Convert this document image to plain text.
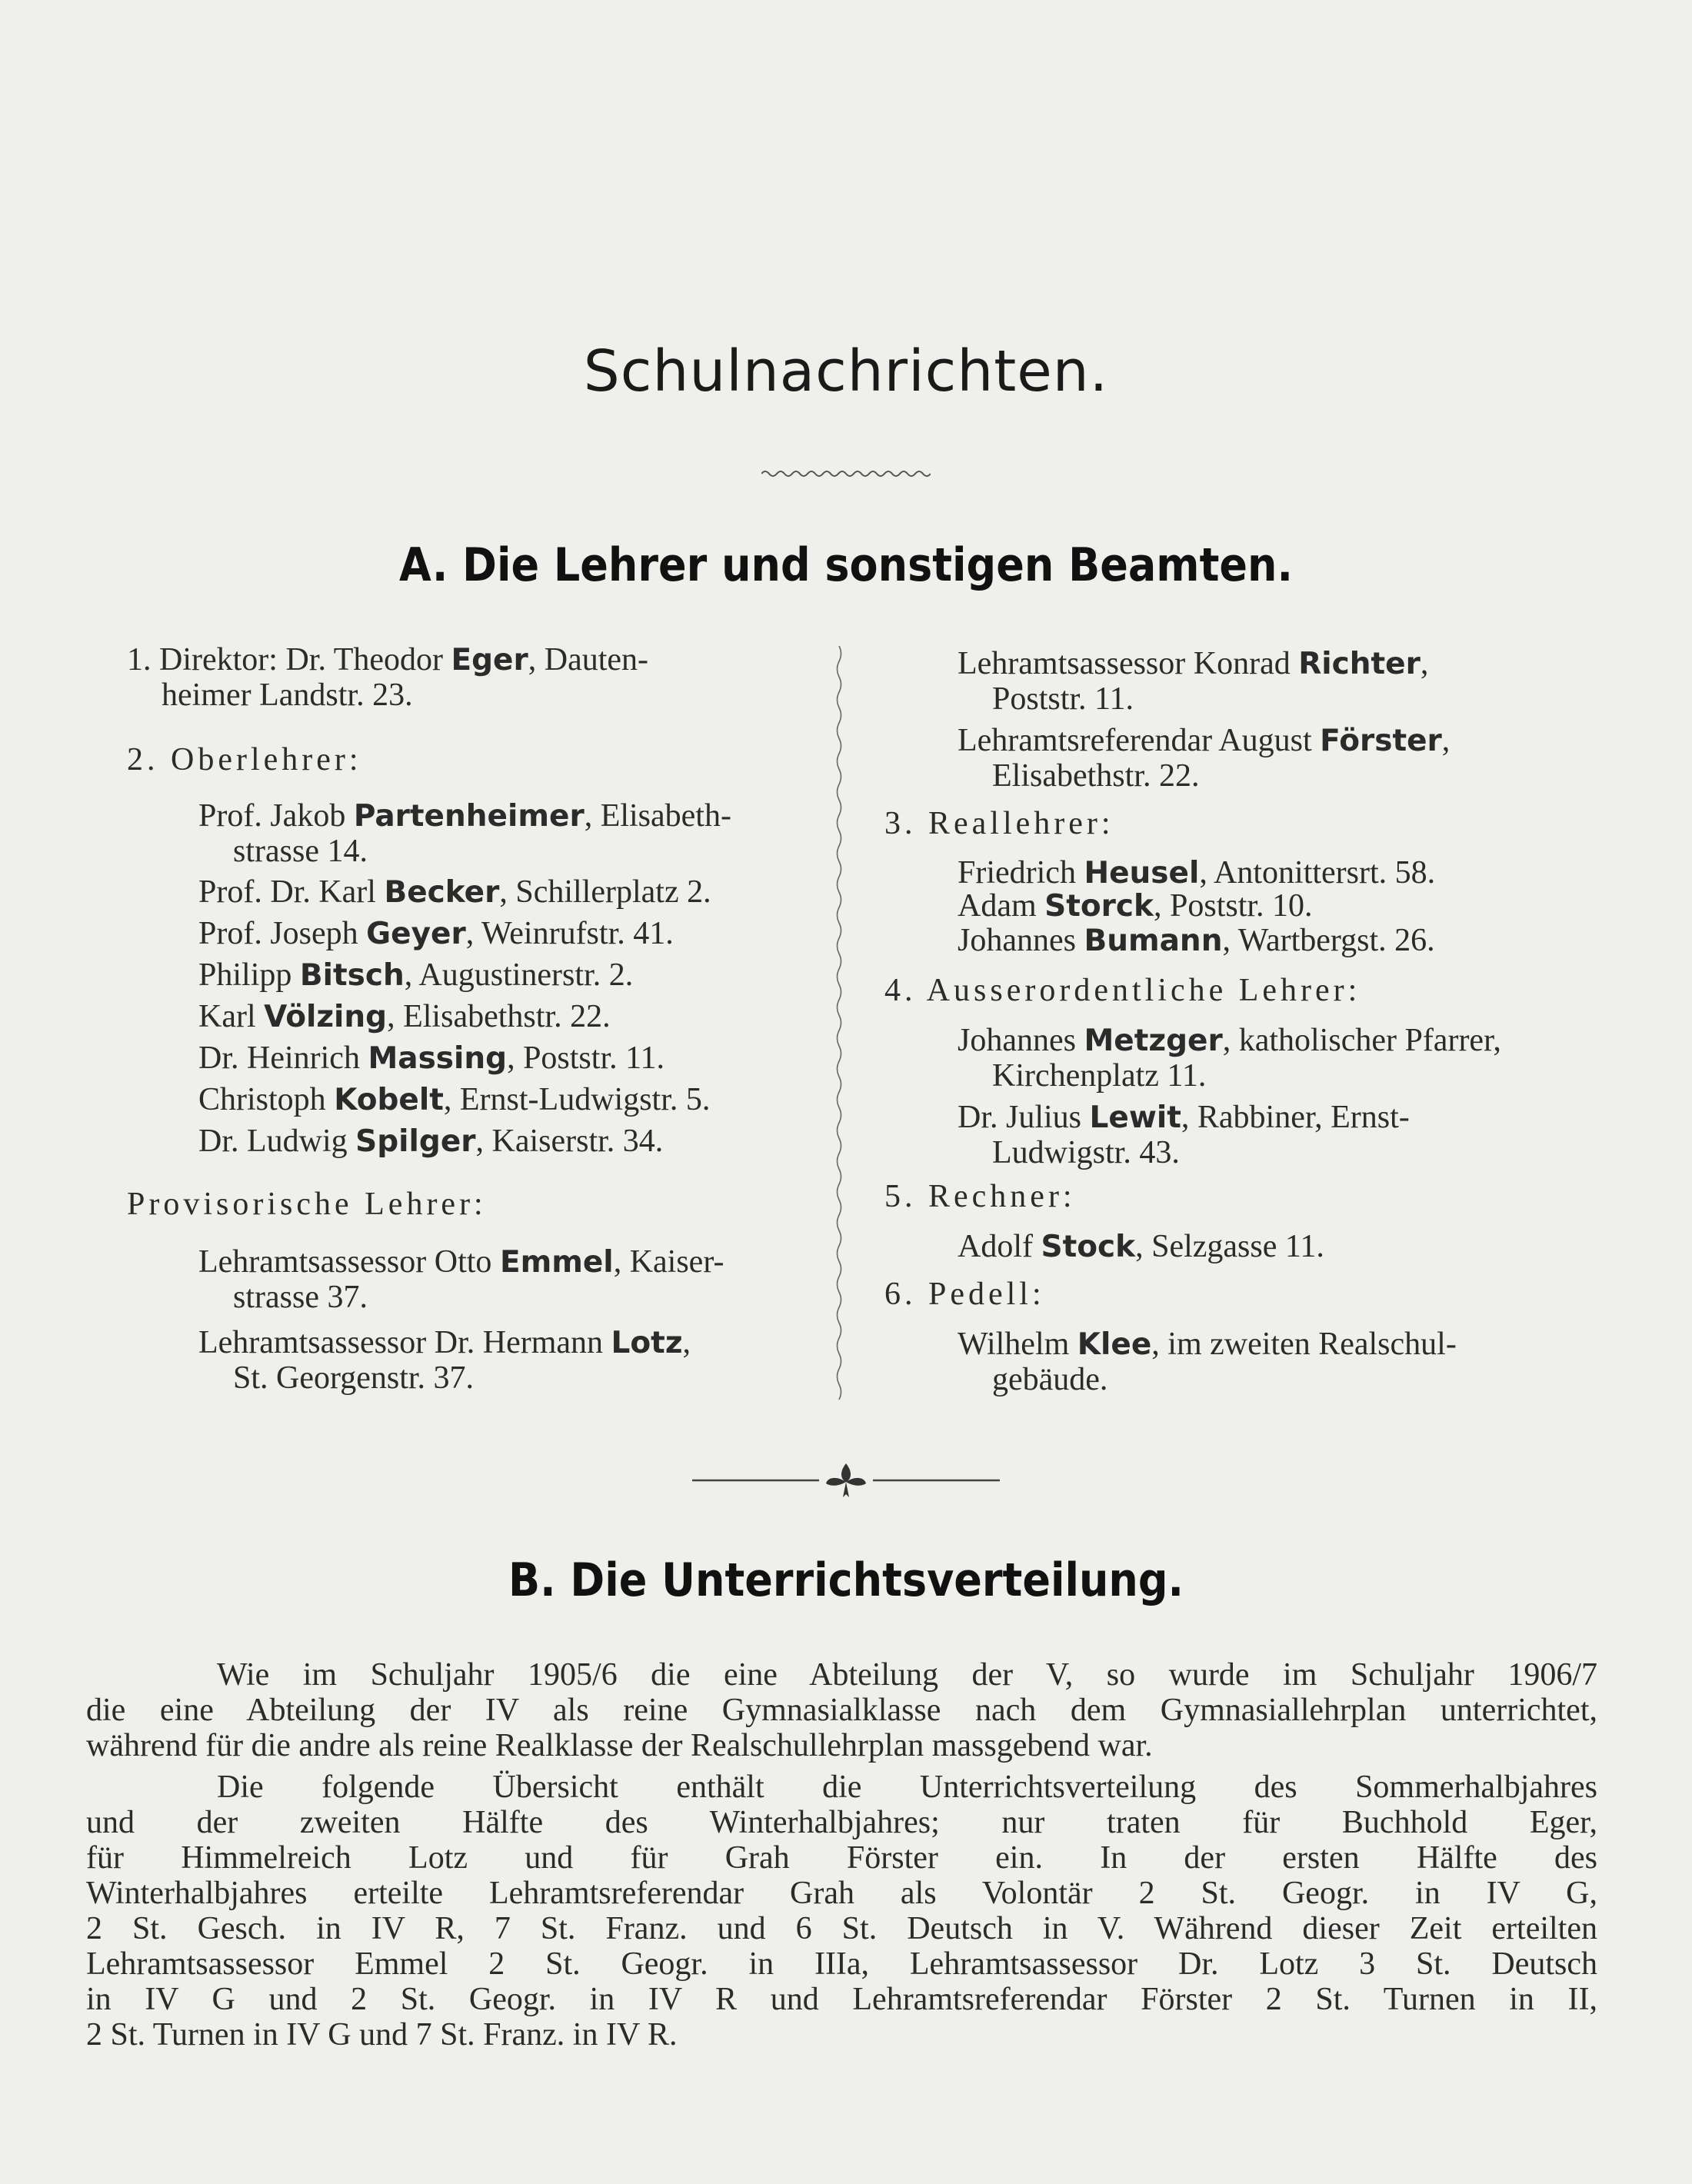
Schulnachrichten.
A. Die Lehrer und sonstigen Beamten.
1. Direktor: Dr. Theodor Eger, Dauten-
heimer Landstr. 23.
2. Oberlehrer:
Prof. Jakob Partenheimer, Elisabeth-
strasse 14.
Prof. Dr. Karl Becker, Schillerplatz 2.
Prof. Joseph Geyer, Weinrufstr. 41.
Philipp Bitsch, Augustinerstr. 2.
Karl Völzing, Elisabethstr. 22.
Dr. Heinrich Massing, Poststr. 11.
Christoph Kobelt, Ernst-Ludwigstr. 5.
Dr. Ludwig Spilger, Kaiserstr. 34.
Provisorische Lehrer:
Lehramtsassessor Otto Emmel, Kaiser-
strasse 37.
Lehramtsassessor Dr. Hermann Lotz,
St. Georgenstr. 37.
Lehramtsassessor Konrad Richter,
Poststr. 11.
Lehramtsreferendar August Förster,
Elisabethstr. 22.
3. Reallehrer:
Friedrich Heusel, Antonittersrt. 58.
Adam Storck, Poststr. 10.
Johannes Bumann, Wartbergst. 26.
4. Ausserordentliche Lehrer:
Johannes Metzger, katholischer Pfarrer,
Kirchenplatz 11.
Dr. Julius Lewit, Rabbiner, Ernst-
Ludwigstr. 43.
5. Rechner:
Adolf Stock, Selzgasse 11.
6. Pedell:
Wilhelm Klee, im zweiten Realschul-
gebäude.
B. Die Unterrichtsverteilung.
Wie im Schuljahr 1905/6 die eine Abteilung der V, so wurde im Schuljahr 1906/7
die eine Abteilung der IV als reine Gymnasialklasse nach dem Gymnasiallehrplan unterrichtet,
während für die andre als reine Realklasse der Realschullehrplan massgebend war.
Die folgende Übersicht enthält die Unterrichtsverteilung des Sommerhalbjahres
und der zweiten Hälfte des Winterhalbjahres; nur traten für Buchhold Eger,
für Himmelreich Lotz und für Grah Förster ein. In der ersten Hälfte des
Winterhalbjahres erteilte Lehramtsreferendar Grah als Volontär 2 St. Geogr. in IV G,
2 St. Gesch. in IV R, 7 St. Franz. und 6 St. Deutsch in V. Während dieser Zeit erteilten
Lehramtsassessor Emmel 2 St. Geogr. in IIIa, Lehramtsassessor Dr. Lotz 3 St. Deutsch
in IV G und 2 St. Geogr. in IV R und Lehramtsreferendar Förster 2 St. Turnen in II,
2 St. Turnen in IV G und 7 St. Franz. in IV R.
